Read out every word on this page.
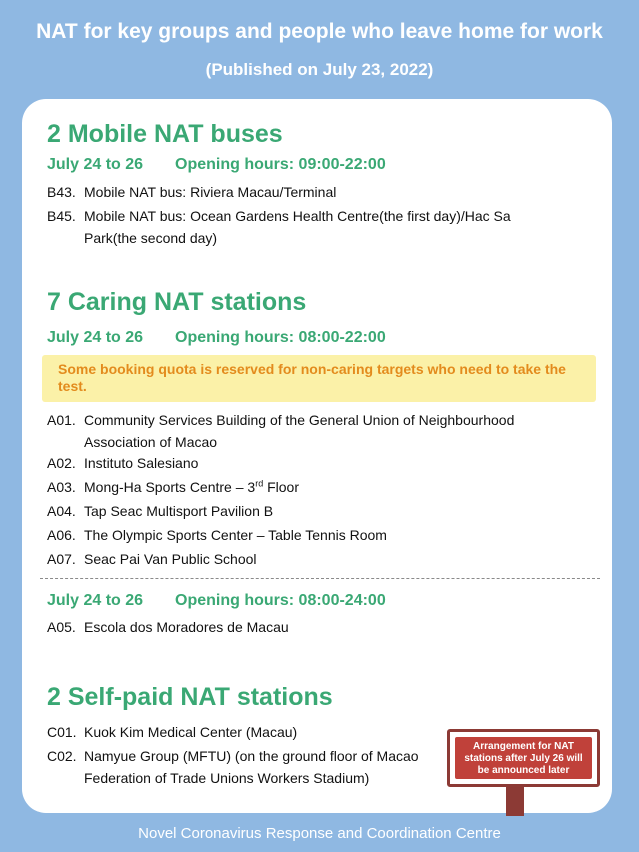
NAT for key groups and people who leave home for work
(Published on July 23, 2022)
2 Mobile NAT buses
July 24 to 26 Opening hours: 09:00-22:00
B43. Mobile NAT bus: Riviera Macau/Terminal
B45. Mobile NAT bus: Ocean Gardens Health Centre(the first day)/Hac Sa Park(the second day)
7 Caring NAT stations
July 24 to 26 Opening hours: 08:00-22:00
Some booking quota is reserved for non-caring targets who need to take the test.
A01. Community Services Building of the General Union of Neighbourhood Association of Macao
A02. Instituto Salesiano
A03. Mong-Ha Sports Centre – 3rd Floor
A04. Tap Seac Multisport Pavilion B
A06. The Olympic Sports Center – Table Tennis Room
A07. Seac Pai Van Public School
July 24 to 26 Opening hours: 08:00-24:00
A05. Escola dos Moradores de Macau
2 Self-paid NAT stations
C01. Kuok Kim Medical Center (Macau)
C02. Namyue Group (MFTU) (on the ground floor of Macao Federation of Trade Unions Workers Stadium)
Arrangement for NAT stations after July 26 will be announced later
Novel Coronavirus Response and Coordination Centre
